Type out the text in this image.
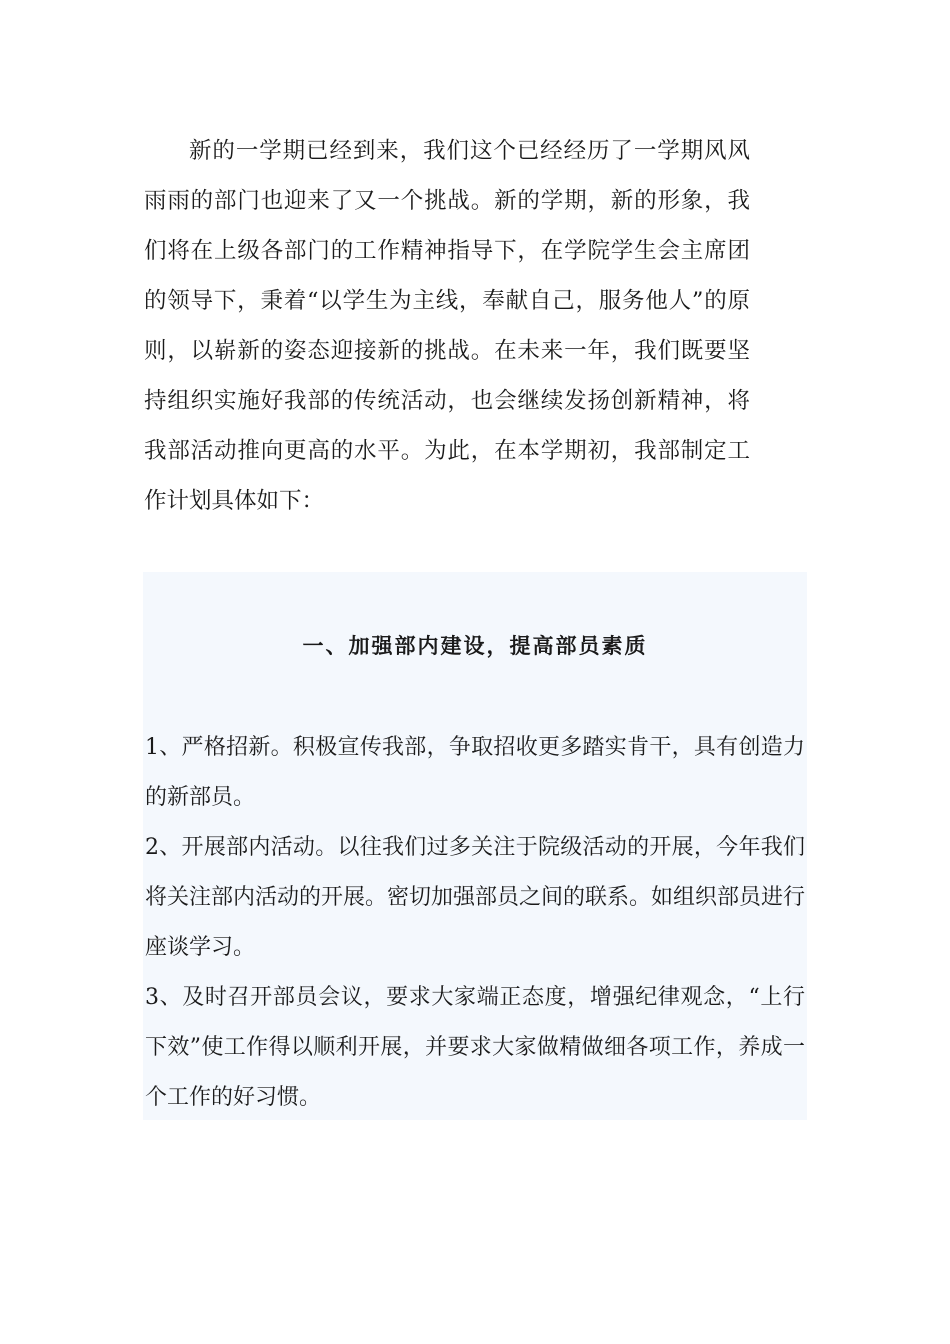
新的一学期已经到来，我们这个已经经历了一学期风风雨雨的部门也迎来了又一个挑战。新的学期，新的形象，我们将在上级各部门的工作精神指导下，在学院学生会主席团的领导下，秉着“以学生为主线，奉献自己，服务他人”的原则，以崭新的姿态迎接新的挑战。在未来一年，我们既要坚持组织实施好我部的传统活动，也会继续发扬创新精神，将我部活动推向更高的水平。为此，在本学期初，我部制定工作计划具体如下：

一、加强部内建设，提高部员素质
1、严格招新。积极宣传我部，争取招收更多踏实肯干，具有创造力的新部员。
2、开展部内活动。以往我们过多关注于院级活动的开展，今年我们将关注部内活动的开展。密切加强部员之间的联系。如组织部员进行座谈学习。
3、及时召开部员会议，要求大家端正态度，增强纪律观念，“上行下效”使工作得以顺利开展，并要求大家做精做细各项工作，养成一个工作的好习惯。
